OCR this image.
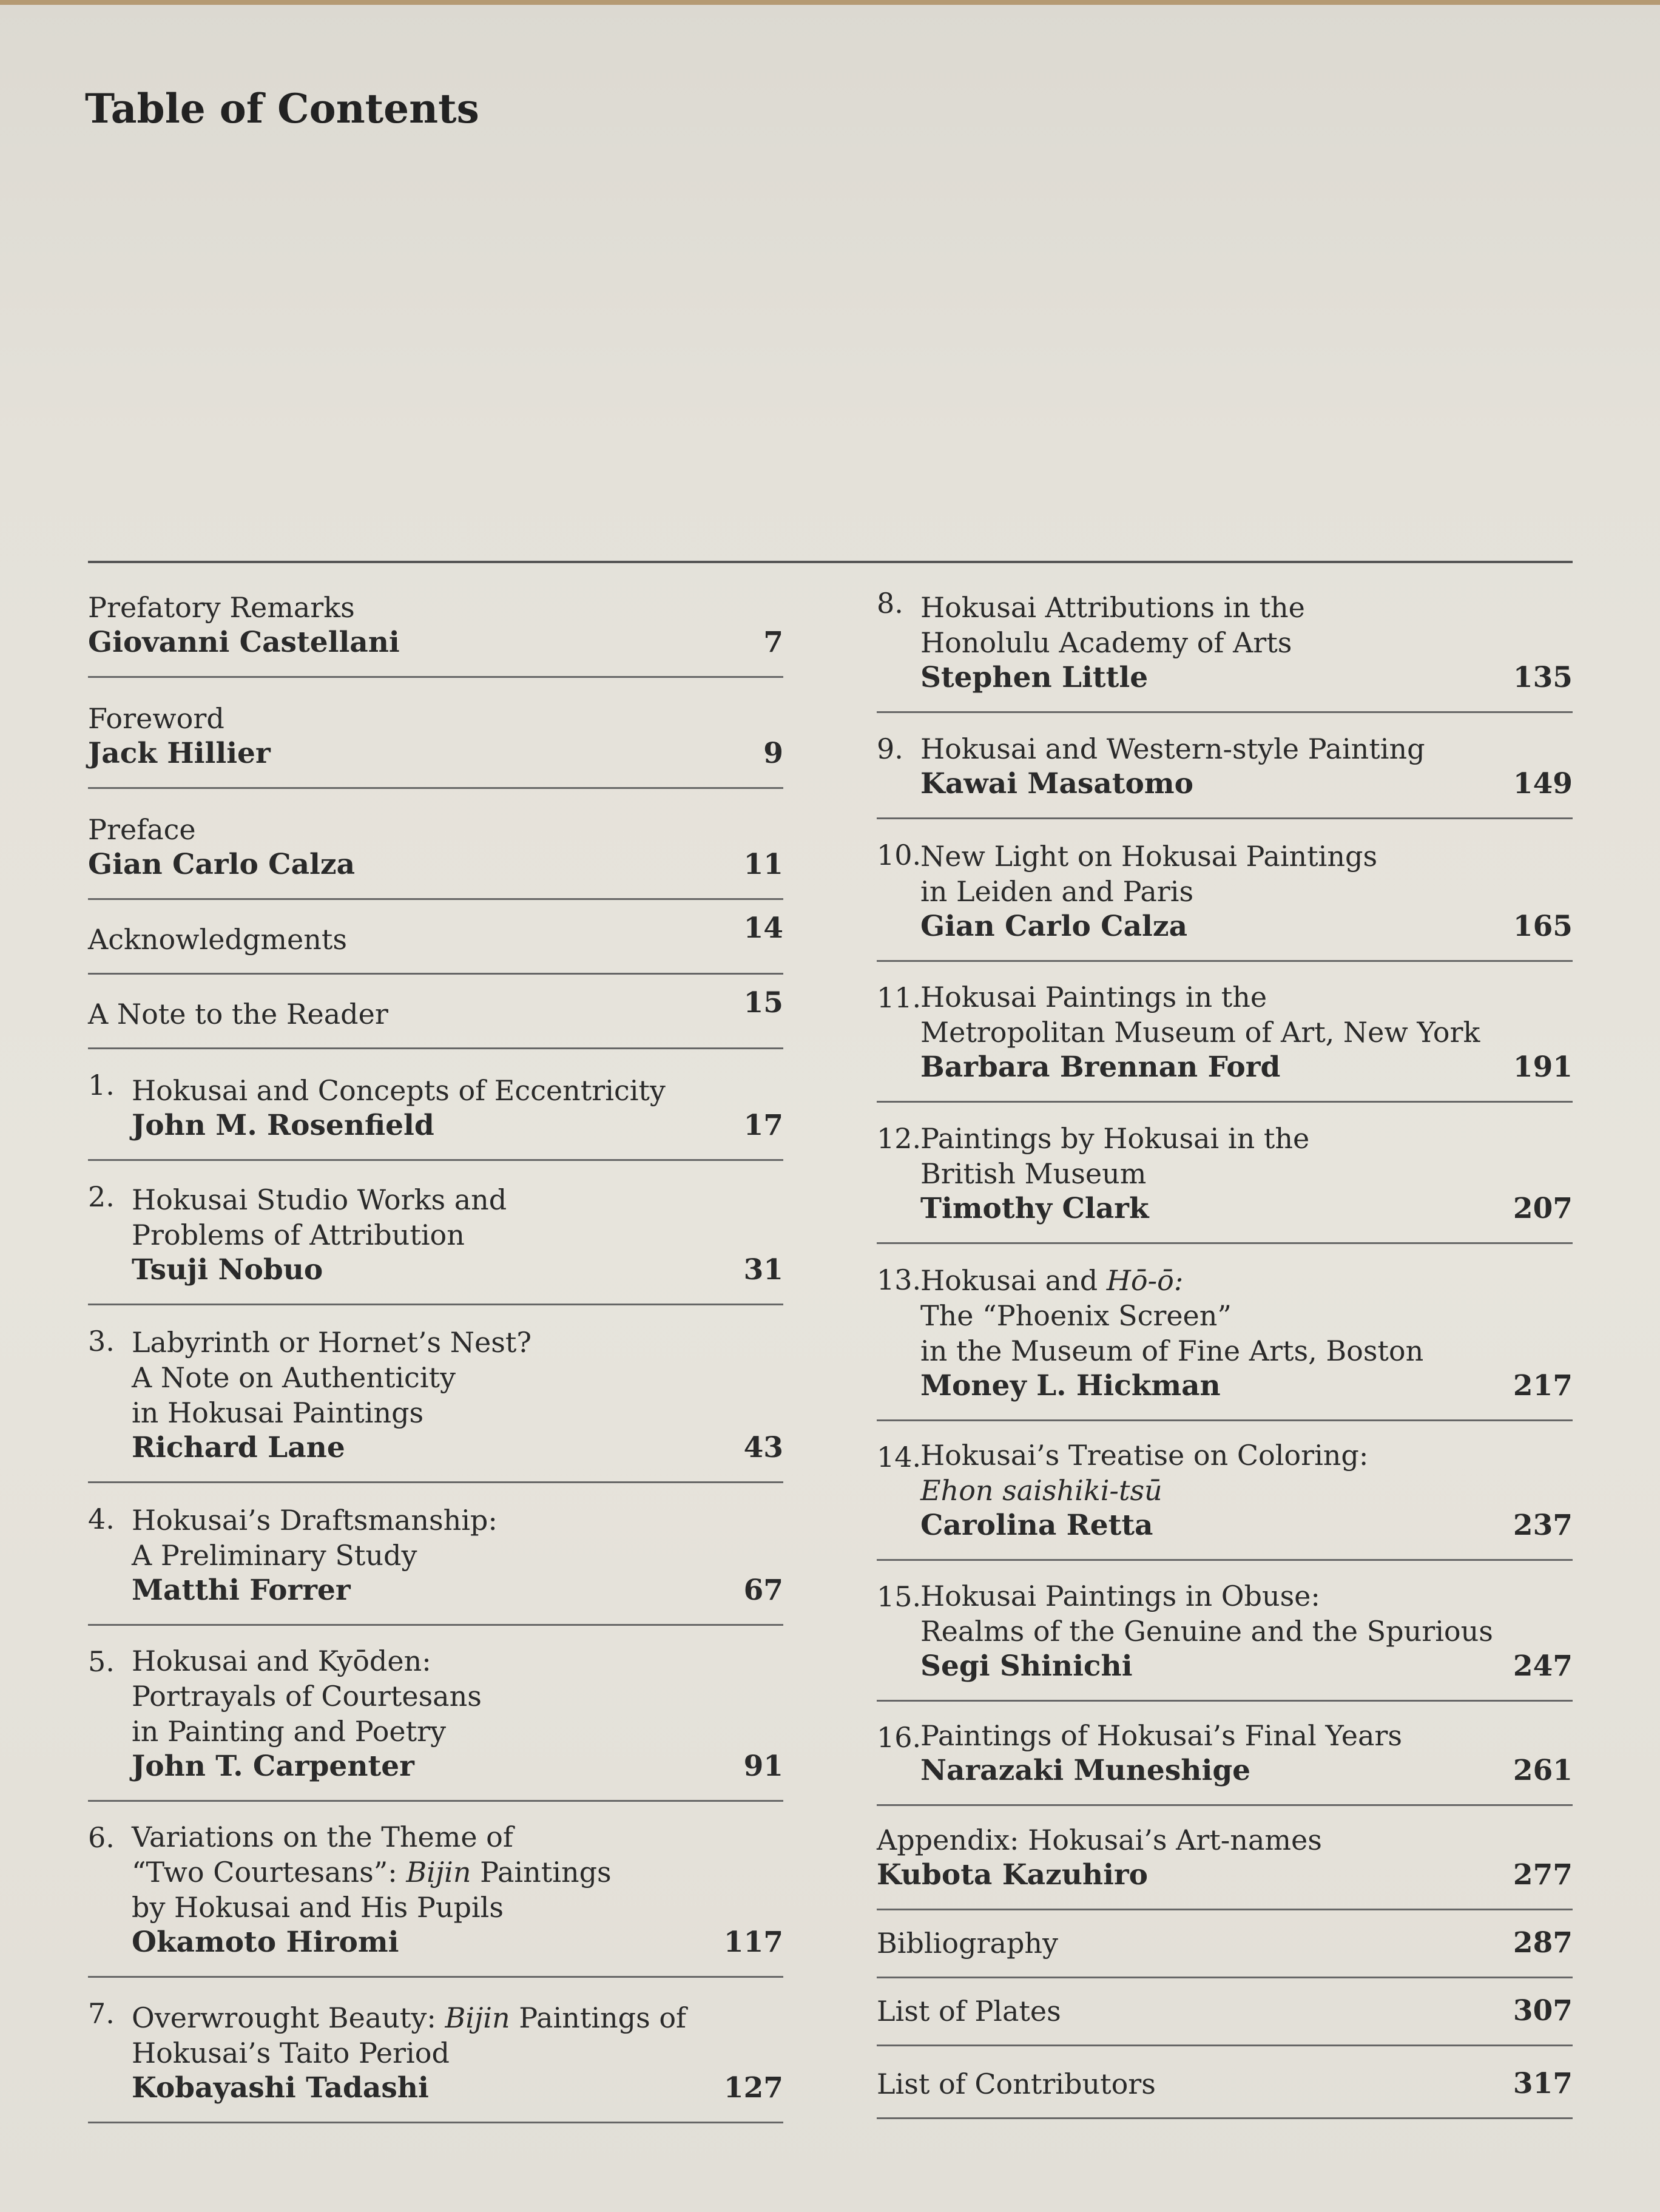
Table of Contents
Prefatory Remarks
Giovanni Castellani	7
Foreword
Jack Hillier	9
Preface
Gian Carlo Calza	11
Acknowledgments	14
A Note to the Reader	15
1. Hokusai and Concepts of Eccentricity
John M. Rosenfield	17
2. Hokusai Studio Works and
Problems of Attribution
Tsuji Nobuo	31
3. Labyrinth or Hornet’s Nest?
A Note on Authenticity
in Hokusai Paintings
Richard Lane	43
4. Hokusai’s Draftsmanship:
A Preliminary Study
Matthi Forrer	67
5. Hokusai and Kyōden:
Portrayals of Courtesans
in Painting and Poetry
John T. Carpenter	91
6. Variations on the Theme of
“Two Courtesans”: Bijin Paintings
by Hokusai and His Pupils
Okamoto Hiromi	117
7. Overwrought Beauty: Bijin Paintings of
Hokusai’s Taito Period
Kobayashi Tadashi	127
8. Hokusai Attributions in the
Honolulu Academy of Arts
Stephen Little	135
9. Hokusai and Western-style Painting
Kawai Masatomo	149
10.
New Light on Hokusai Paintings
in Leiden and Paris
Gian Carlo Calza	165
11.
Hokusai Paintings in the
Metropolitan Museum of Art, New York
Barbara Brennan Ford	191
12.
Paintings by Hokusai in the
British Museum
Timothy Clark	207
13.
Hokusai and Hō-ō:
The “Phoenix Screen”
in the Museum of Fine Arts, Boston
Money L. Hickman	217
14.
Hokusai’s Treatise on Coloring:
Ehon saishiki-tsū
Carolina Retta	237
15.
Hokusai Paintings in Obuse:
Realms of the Genuine and the Spurious
Segi Shinichi	247
16.
Paintings of Hokusai’s Final Years
Narazaki Muneshige	261
Appendix: Hokusai’s Art-names
Kubota Kazuhiro	277
Bibliography	287
List of Plates	307
List of Contributors	317
